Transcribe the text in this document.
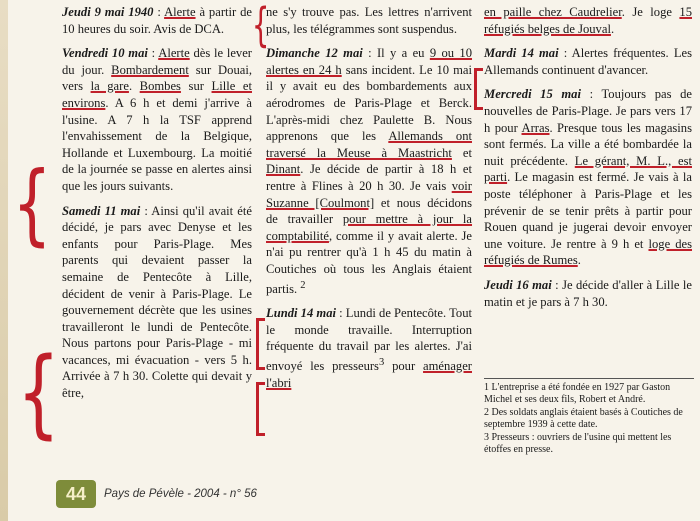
Jeudi 9 mai 1940 : Alerte à partir de 10 heures du soir. Avis de DCA.

Vendredi 10 mai : Alerte dès le lever du jour. Bombardement sur Douai, vers la gare. Bombes sur Lille et environs. A 6 h et demi j'arrive à l'usine. A 7 h la TSF apprend l'envahissement de la Belgique, Hollande et Luxembourg. La moitié de la journée se passe en alertes ainsi que les jours suivants.

Samedi 11 mai : Ainsi qu'il avait été décidé, je pars avec Denyse et les enfants pour Paris-Plage. Mes parents qui devaient passer la semaine de Pentecôte à Lille, décident de venir à Paris-Plage. Le gouvernement décrète que les usines travailleront le lundi de Pentecôte. Nous partons pour Paris-Plage - mi vacances, mi évacuation - vers 5 h. Arrivée à 7 h 30. Colette qui devait y être,

ne s'y trouve pas. Les lettres n'arrivent plus, les télégrammes sont suspendus.

Dimanche 12 mai : Il y a eu 9 ou 10 alertes en 24 h sans incident. Le 10 mai il y avait eu des bombardements aux aérodromes de Paris-Plage et Berck. L'après-midi chez Paulette B. Nous apprenons que les Allemands ont traversé la Meuse à Maastricht et Dinant. Je décide de partir à 18 h et rentre à Flines à 20 h 30. Je vais voir Suzanne [Coulmont] et nous décidons de travailler pour mettre à jour la comptabilité, comme il y avait alerte. Je n'ai pu rentrer qu'à 1 h 45 du matin à Coutiches où tous les Anglais étaient partis. $^2$

Lundi 14 mai : Lundi de Pentecôte. Tout le monde travaille. Interruption fréquente du travail par les alertes. J'ai envoyé les presseurs$^3$ pour aménager l'abri

en paille chez Caudrelier. Je loge 15 réfugiés belges de Jouval.

Mardi 14 mai : Alertes fréquentes. Les Allemands continuent d'avancer.

Mercredi 15 mai : Toujours pas de nouvelles de Paris-Plage. Je pars vers 17 h pour Arras. Presque tous les magasins sont fermés. La ville a été bombardée la nuit précédente. Le gérant, M. L., est parti. Le magasin est fermé. Je vais à la poste téléphoner à Paris-Plage et les prévenir de se tenir prêts à partir pour Rouen quand je jugerai devoir envoyer une voiture. Je rentre à 9 h et loge des réfugiés de Rumes.

Jeudi 16 mai : Je décide d'aller à Lille le matin et je pars à 7 h 30.

1 L'entreprise a été fondée en 1927 par Gaston Michel et ses deux fils, Robert et André.

2 Des soldats anglais étaient basés à Coutiches de septembre 1939 à cette date.

3 Presseurs : ouvriers de l'usine qui mettent les étoffes en presse.

{
{
{
44	Pays de Pévèle - 2004 - n° 56
